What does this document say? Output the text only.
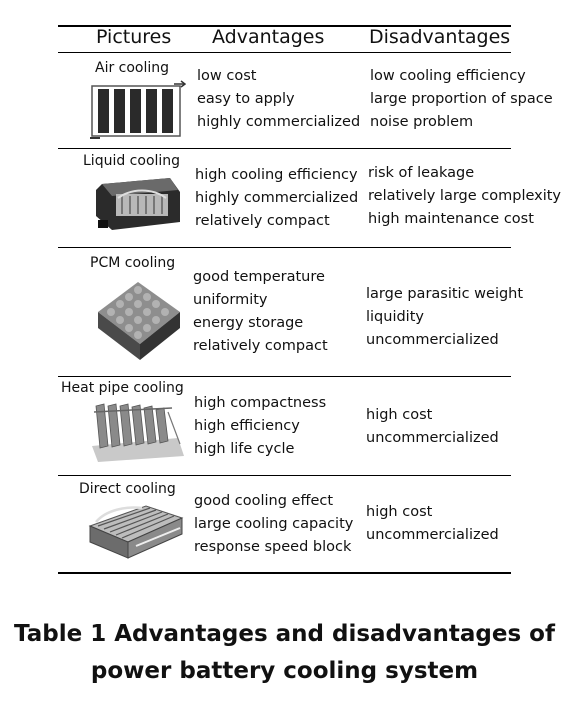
Pictures Advantages Disadvantages
Air cooling low cost
easy to apply
highly commercialized
low cooling efficiency
large proportion of space
noise problem
Liquid cooling
high cooling efficiency
highly commercialized
relatively compact
risk of leakage
relatively large complexity
high maintenance cost
PCM cooling
good temperature
uniformity
energy storage
relatively compact
large parasitic weight
liquidity
uncommercialized
Heat pipe cooling
high compactness
high efficiency
high life cycle
high cost
uncommercialized
Direct cooling
good cooling effect
large cooling capacity
response speed block
high cost
uncommercialized
Table 1 Advantages and disadvantages of
power battery cooling system
